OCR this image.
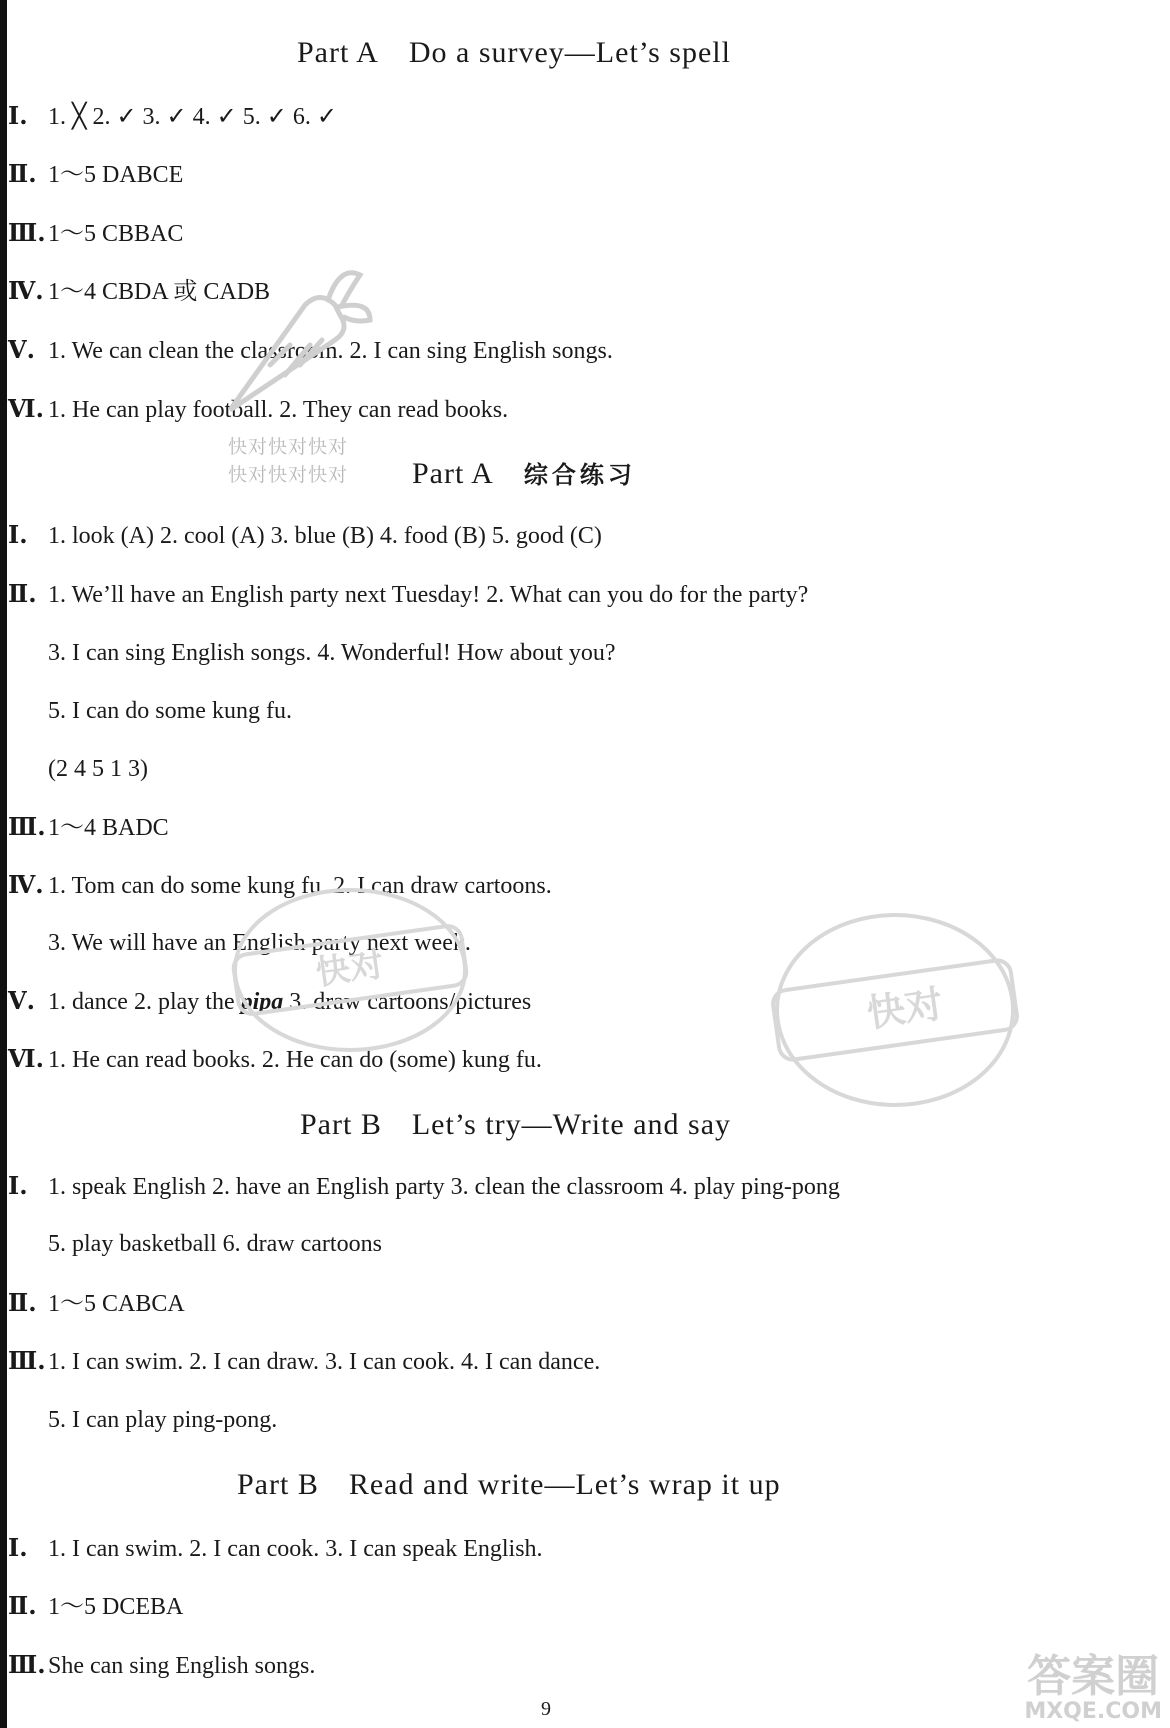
Part A Do a survey—Let’s spell
Ⅰ. 1. ╳ 2. ✓ 3. ✓ 4. ✓ 5. ✓ 6. ✓
Ⅱ. 1～5 DABCE
Ⅲ. 1～5 CBBAC
Ⅳ. 1～4 CBDA 或 CADB
Ⅴ. 1. We can clean the classroom. 2. I can sing English songs.
Ⅵ. 1. He can play football. 2. They can read books.
快对快对快对
快对快对快对 Part A 综合练习
Ⅰ. 1. look (A) 2. cool (A) 3. blue (B) 4. food (B) 5. good (C)
Ⅱ. 1. We’ll have an English party next Tuesday! 2. What can you do for the party?
3. I can sing English songs. 4. Wonderful! How about you?
5. I can do some kung fu.
(2 4 5 1 3)
Ⅲ. 1～4 BADC
Ⅳ. 1. Tom can do some kung fu. 2. I can draw cartoons.
3. We will have an English party next week.
Ⅴ. 1. dance 2. play the pipa 3. draw cartoons/pictures
Ⅵ. 1. He can read books. 2. He can do (some) kung fu.
Part B Let’s try—Write and say
Ⅰ. 1. speak English 2. have an English party 3. clean the classroom 4. play ping-pong
5. play basketball 6. draw cartoons
Ⅱ. 1～5 CABCA
Ⅲ. 1. I can swim. 2. I can draw. 3. I can cook. 4. I can dance.
5. I can play ping-pong.
Part B Read and write—Let’s wrap it up
Ⅰ. 1. I can swim. 2. I can cook. 3. I can speak English.
Ⅱ. 1～5 DCEBA
Ⅲ. She can sing English songs.
9
快对
快对
答案圈
MXQE.COM
